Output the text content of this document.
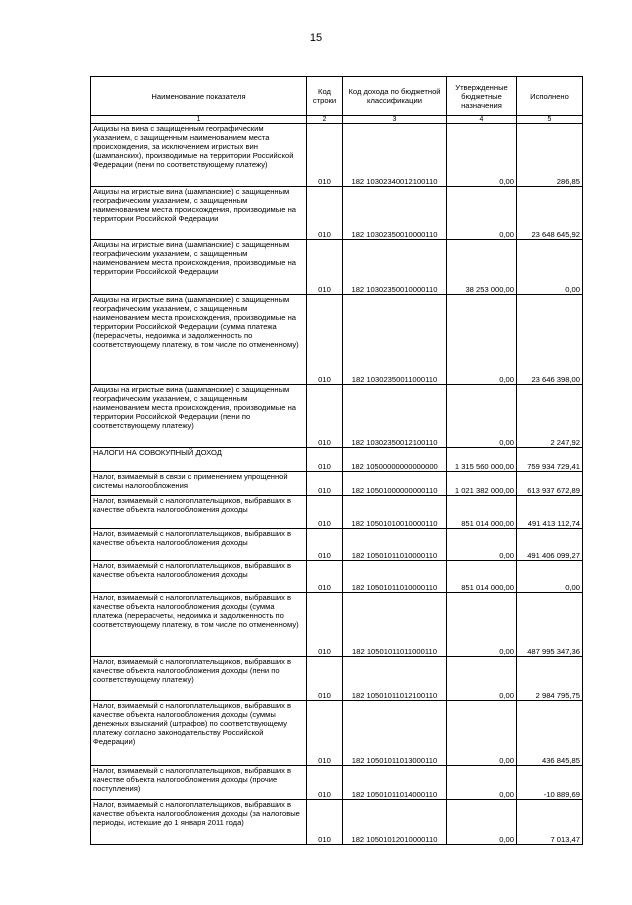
15
Наименование показателя	Код строки	Код дохода по бюджетной классификации	Утвержденные бюджетные назначения	Исполнено
1	2	3	4	5
Акцизы на вина с защищенным географическим указанием, с защищенным наименованием места происхождения, за исключением игристых вин (шампанских), производимые на территории Российской Федерации (пени по соответствующему платежу)	010	182 10302340012100110	0,00	286,85
Акцизы на игристые вина (шампанские) с защищенным географическим указанием, с защищенным наименованием места происхождения, производимые на территории Российской Федерации	010	182 10302350010000110	0,00	23 648 645,92
Акцизы на игристые вина (шампанские) с защищенным географическим указанием, с защищенным наименованием места происхождения, производимые на территории Российской Федерации	010	182 10302350010000110	38 253 000,00	0,00
Акцизы на игристые вина (шампанские) с защищенным географическим указанием, с защищенным наименованием места происхождения, производимые на территории Российской Федерации (сумма платежа (перерасчеты, недоимка и задолженность по соответствующему платежу, в том числе по отмененному)	010	182 10302350011000110	0,00	23 646 398,00
Акцизы на игристые вина (шампанские) с защищенным географическим указанием, с защищенным наименованием места происхождения, производимые на территории Российской Федерации (пени по соответствующему платежу)	010	182 10302350012100110	0,00	2 247,92
НАЛОГИ НА СОВОКУПНЫЙ ДОХОД	010	182 10500000000000000	1 315 560 000,00	759 934 729,41
Налог, взимаемый в связи с применением упрощенной системы налогообложения	010	182 10501000000000110	1 021 382 000,00	613 937 672,89
Налог, взимаемый с налогоплательщиков, выбравших в качестве объекта налогообложения доходы	010	182 10501010010000110	851 014 000,00	491 413 112,74
Налог, взимаемый с налогоплательщиков, выбравших в качестве объекта налогообложения доходы	010	182 10501011010000110	0,00	491 406 099,27
Налог, взимаемый с налогоплательщиков, выбравших в качестве объекта налогообложения доходы	010	182 10501011010000110	851 014 000,00	0,00
Налог, взимаемый с налогоплательщиков, выбравших в качестве объекта налогообложения доходы (сумма платежа (перерасчеты, недоимка и задолженность по соответствующему платежу, в том числе по отмененному)	010	182 10501011011000110	0,00	487 995 347,36
Налог, взимаемый с налогоплательщиков, выбравших в качестве объекта налогообложения доходы (пени по соответствующему платежу)	010	182 10501011012100110	0,00	2 984 795,75
Налог, взимаемый с налогоплательщиков, выбравших в качестве объекта налогообложения доходы (суммы денежных взысканий (штрафов) по соответствующему платежу согласно законодательству Российской Федерации)	010	182 10501011013000110	0,00	436 845,85
Налог, взимаемый с налогоплательщиков, выбравших в качестве объекта налогообложения доходы (прочие поступления)	010	182 10501011014000110	0,00	-10 889,69
Налог, взимаемый с налогоплательщиков, выбравших в качестве объекта налогообложения доходы (за налоговые периоды, истекшие до 1 января 2011 года)	010	182 10501012010000110	0,00	7 013,47
